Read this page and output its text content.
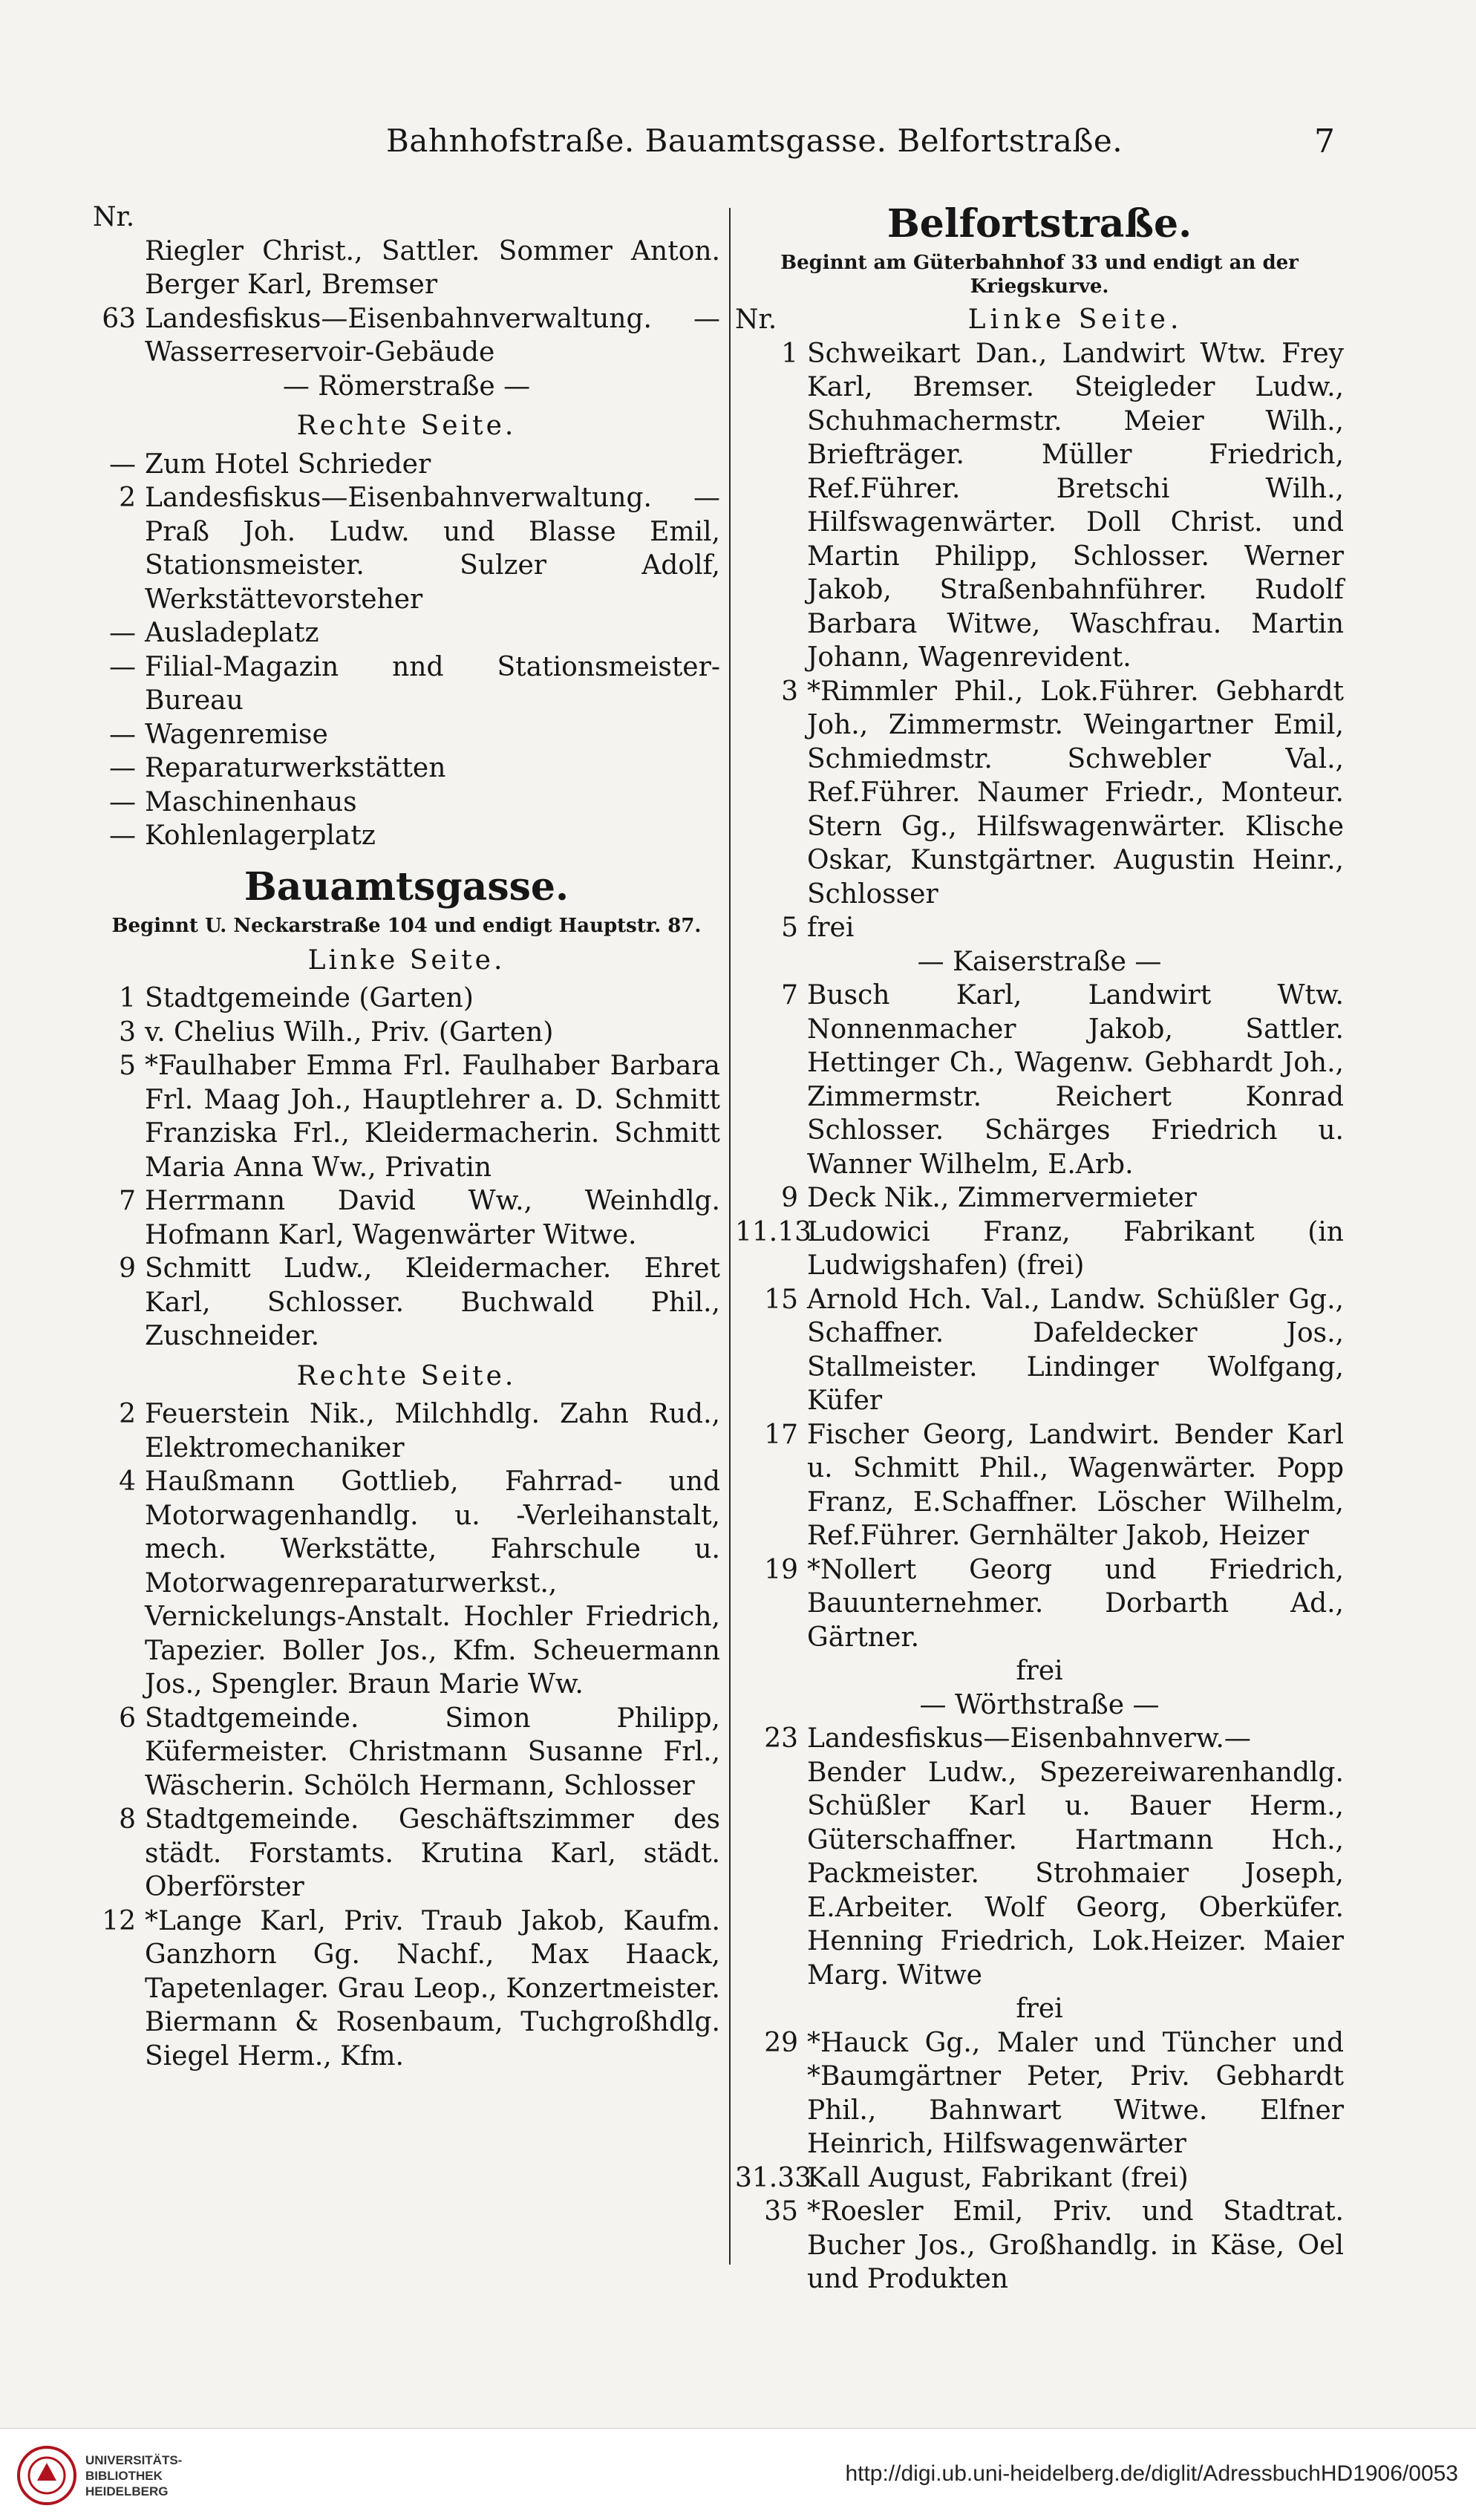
Bahnhofstraße. Bauamtsgasse. Belfortstraße.	7
Nr.
Riegler Christ., Sattler. Sommer Anton. Berger Karl, Bremser
63 Landesfiskus—Eisenbahnverwaltung. — Wasserreservoir-Gebäude
— Römerstraße —
Rechte Seite.
— Zum Hotel Schrieder
2 Landesfiskus—Eisenbahnverwaltung. — Praß Joh. Ludw. und Blasse Emil, Stationsmeister. Sulzer Adolf, Werkstättevorsteher
— Ausladeplatz
— Filial-Magazin nnd Stationsmeister-Bureau
— Wagenremise
— Reparaturwerkstätten
— Maschinenhaus
— Kohlenlagerplatz
Bauamtsgasse.
Beginnt U. Neckarstraße 104 und endigt Hauptstr. 87.
Linke Seite.
1 Stadtgemeinde (Garten)
3 v. Chelius Wilh., Priv. (Garten)
5 *Faulhaber Emma Frl. Faulhaber Barbara Frl. Maag Joh., Hauptlehrer a. D. Schmitt Franziska Frl., Kleidermacherin. Schmitt Maria Anna Ww., Privatin
7 Herrmann David Ww., Weinhdlg. Hofmann Karl, Wagenwärter Witwe.
9 Schmitt Ludw., Kleidermacher. Ehret Karl, Schlosser. Buchwald Phil., Zuschneider.
Rechte Seite.
2 Feuerstein Nik., Milchhdlg. Zahn Rud., Elektromechaniker
4 Haußmann Gottlieb, Fahrrad- und Motorwagenhandlg. u. -Verleihanstalt, mech. Werkstätte, Fahrschule u. Motorwagenreparaturwerkst., Vernickelungs-Anstalt. Hochler Friedrich, Tapezier. Boller Jos., Kfm. Scheuermann Jos., Spengler. Braun Marie Ww.
6 Stadtgemeinde. Simon Philipp, Küfermeister. Christmann Susanne Frl., Wäscherin. Schölch Hermann, Schlosser
8 Stadtgemeinde. Geschäftszimmer des städt. Forstamts. Krutina Karl, städt. Oberförster
12 *Lange Karl, Priv. Traub Jakob, Kaufm. Ganzhorn Gg. Nachf., Max Haack, Tapetenlager. Grau Leop., Konzertmeister. Biermann & Rosenbaum, Tuchgroßhdlg. Siegel Herm., Kfm.
Belfortstraße.
Beginnt am Güterbahnhof 33 und endigt an der Kriegskurve.
Nr.	Linke Seite.
1 Schweikart Dan., Landwirt Wtw. Frey Karl, Bremser. Steigleder Ludw., Schuhmachermstr. Meier Wilh., Briefträger. Müller Friedrich, Ref.Führer. Bretschi Wilh., Hilfswagenwärter. Doll Christ. und Martin Philipp, Schlosser. Werner Jakob, Straßenbahnführer. Rudolf Barbara Witwe, Waschfrau. Martin Johann, Wagenrevident.
3 *Rimmler Phil., Lok.Führer. Gebhardt Joh., Zimmermstr. Weingartner Emil, Schmiedmstr. Schwebler Val., Ref.Führer. Naumer Friedr., Monteur. Stern Gg., Hilfswagenwärter. Klische Oskar, Kunstgärtner. Augustin Heinr., Schlosser
5 frei
— Kaiserstraße —
7 Busch Karl, Landwirt Wtw. Nonnenmacher Jakob, Sattler. Hettinger Ch., Wagenw. Gebhardt Joh., Zimmermstr. Reichert Konrad Schlosser. Schärges Friedrich u. Wanner Wilhelm, E.Arb.
9 Deck Nik., Zimmervermieter
11.13
Ludowici Franz, Fabrikant (in Ludwigshafen) (frei)
15 Arnold Hch. Val., Landw. Schüßler Gg., Schaffner. Dafeldecker Jos., Stallmeister. Lindinger Wolfgang, Küfer
17 Fischer Georg, Landwirt. Bender Karl u. Schmitt Phil., Wagenwärter. Popp Franz, E.Schaffner. Löscher Wilhelm, Ref.Führer. Gernhälter Jakob, Heizer
19 *Nollert Georg und Friedrich, Bauunternehmer. Dorbarth Ad., Gärtner.
frei
— Wörthstraße —
23 Landesfiskus—Eisenbahnverw.— Bender Ludw., Spezereiwarenhandlg. Schüßler Karl u. Bauer Herm., Güterschaffner. Hartmann Hch., Packmeister. Strohmaier Joseph, E.Arbeiter. Wolf Georg, Oberküfer. Henning Friedrich, Lok.Heizer. Maier Marg. Witwe
frei
29 *Hauck Gg., Maler und Tüncher und *Baumgärtner Peter, Priv. Gebhardt Phil., Bahnwart Witwe. Elfner Heinrich, Hilfswagenwärter
31.33
Kall August, Fabrikant (frei)
35 *Roesler Emil, Priv. und Stadtrat. Bucher Jos., Großhandlg. in Käse, Oel und Produkten
UNIVERSITÄTS-
BIBLIOTHEK
HEIDELBERG
http://digi.ub.uni-heidelberg.de/diglit/AdressbuchHD1906/0053
